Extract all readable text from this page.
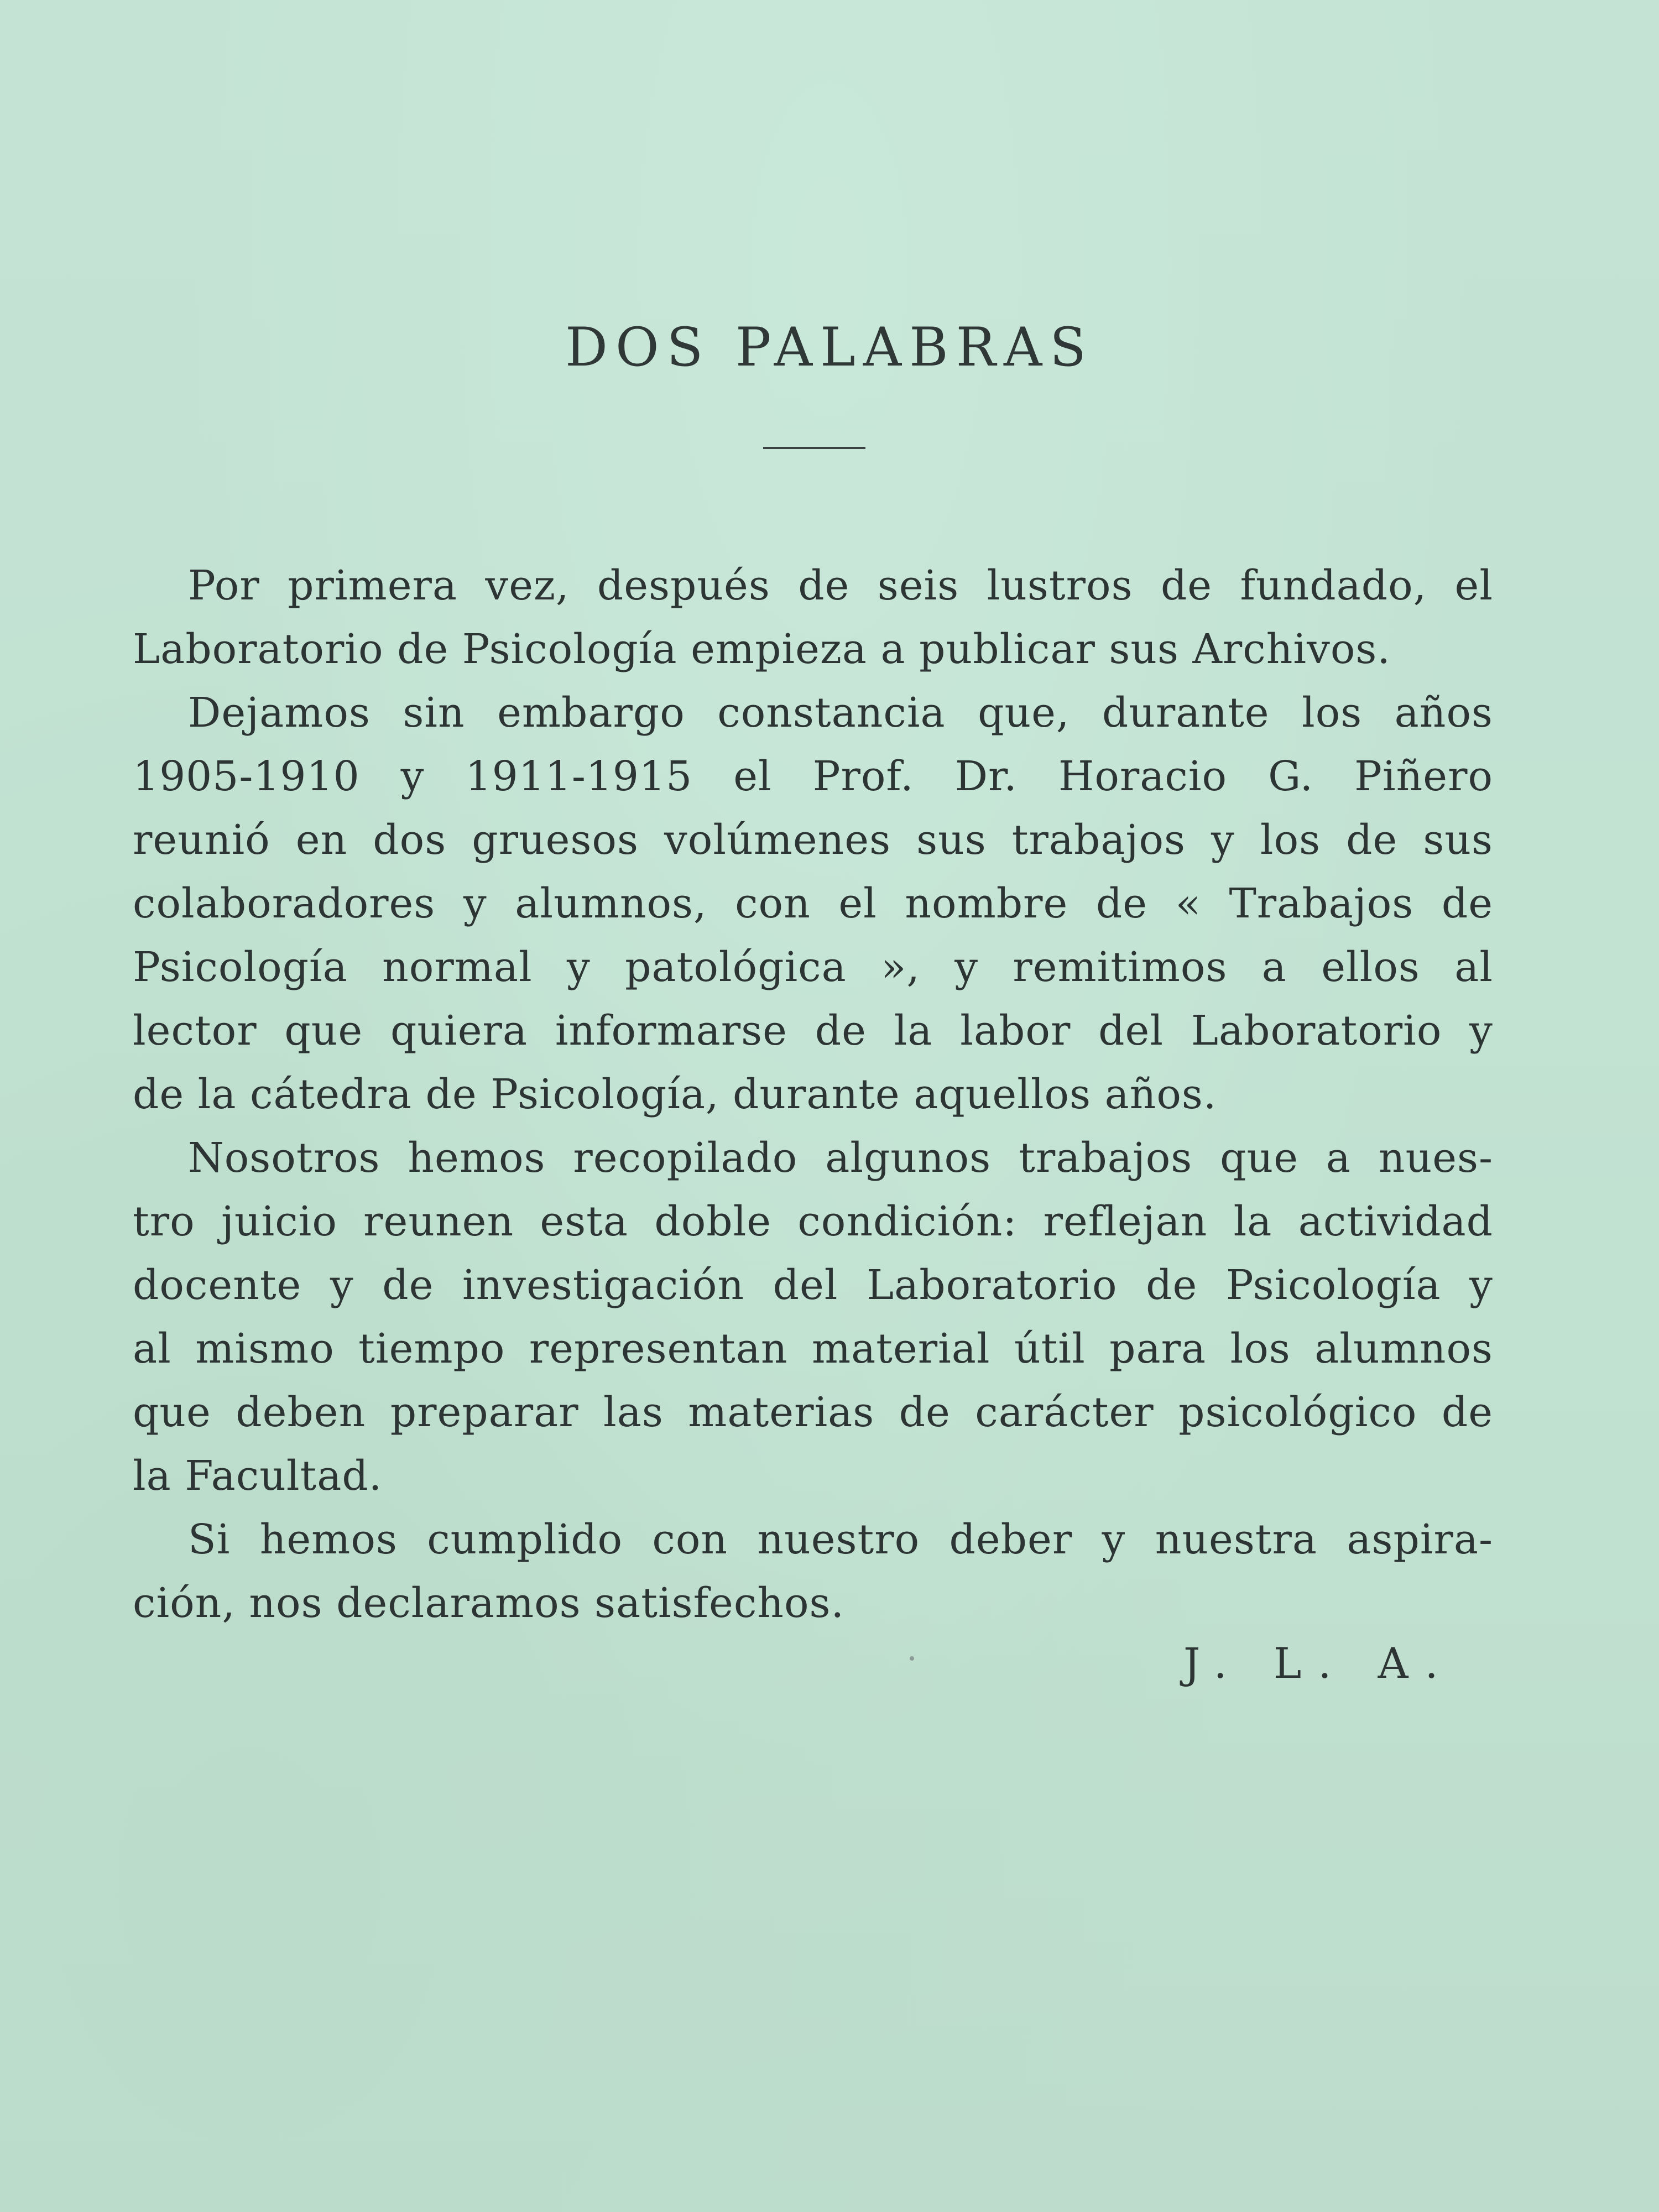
DOS PALABRAS
Por primera vez, después de seis lustros de fundado, el
Laboratorio de Psicología empieza a publicar sus Archivos.
Dejamos sin embargo constancia que, durante los años
1905-1910 y 1911-1915 el Prof. Dr. Horacio G. Piñero
reunió en dos gruesos volúmenes sus trabajos y los de sus
colaboradores y alumnos, con el nombre de « Trabajos de
Psicología normal y patológica », y remitimos a ellos al
lector que quiera informarse de la labor del Laboratorio y
de la cátedra de Psicología, durante aquellos años.
Nosotros hemos recopilado algunos trabajos que a nues-
tro juicio reunen esta doble condición: reflejan la actividad
docente y de investigación del Laboratorio de Psicología y
al mismo tiempo representan material útil para los alumnos
que deben preparar las materias de carácter psicológico de
la Facultad.
Si hemos cumplido con nuestro deber y nuestra aspira-
ción, nos declaramos satisfechos.

J. L. A.
